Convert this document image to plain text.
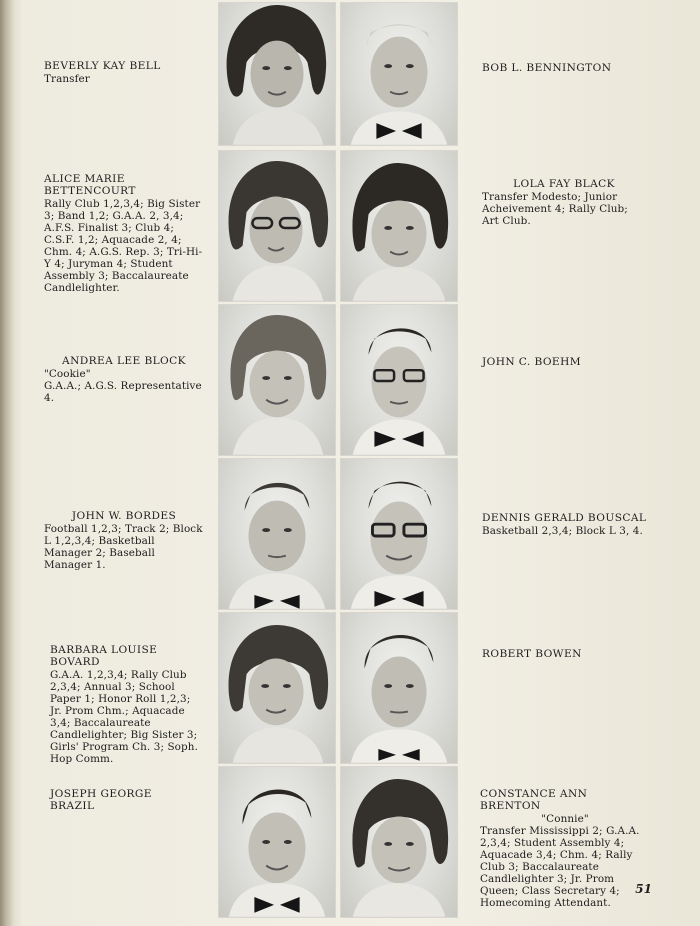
BEVERLY KAY BELL
Transfer
BOB L. BENNINGTON
ALICE MARIE BETTENCOURT
Rally Club 1,2,3,4; Big Sister 3; Band 1,2; G.A.A. 2, 3,4; A.F.S. Finalist 3; Club 4; C.S.F. 1,2; Aquacade 2, 4; Chm. 4; A.G.S. Rep. 3; Tri-Hi-Y 4; Juryman 4; Student Assembly 3; Baccalaureate Candlelighter.
LOLA FAY BLACK
Transfer Modesto; Junior Acheivement 4; Rally Club; Art Club.
ANDREA LEE BLOCK
"Cookie"
G.A.A.; A.G.S. Representative 4.
JOHN C. BOEHM
JOHN W. BORDES
Football 1,2,3; Track 2; Block L 1,2,3,4; Basketball Manager 2; Baseball Manager 1.
DENNIS GERALD BOUSCAL
Basketball 2,3,4; Block L 3, 4.
BARBARA LOUISE BOVARD
G.A.A. 1,2,3,4; Rally Club 2,3,4; Annual 3; School Paper 1; Honor Roll 1,2,3; Jr. Prom Chm.; Aquacade 3,4; Baccalaureate Candlelighter; Big Sister 3; Girls' Program Ch. 3; Soph. Hop Comm.
ROBERT BOWEN
JOSEPH GEORGE BRAZIL
CONSTANCE ANN BRENTON
"Connie"
Transfer Mississippi 2; G.A.A. 2,3,4; Student Assembly 4; Aquacade 3,4; Chm. 4; Rally Club 3; Baccalaureate Candlelighter 3; Jr. Prom Queen; Class Secretary 4; Homecoming Attendant.
51
